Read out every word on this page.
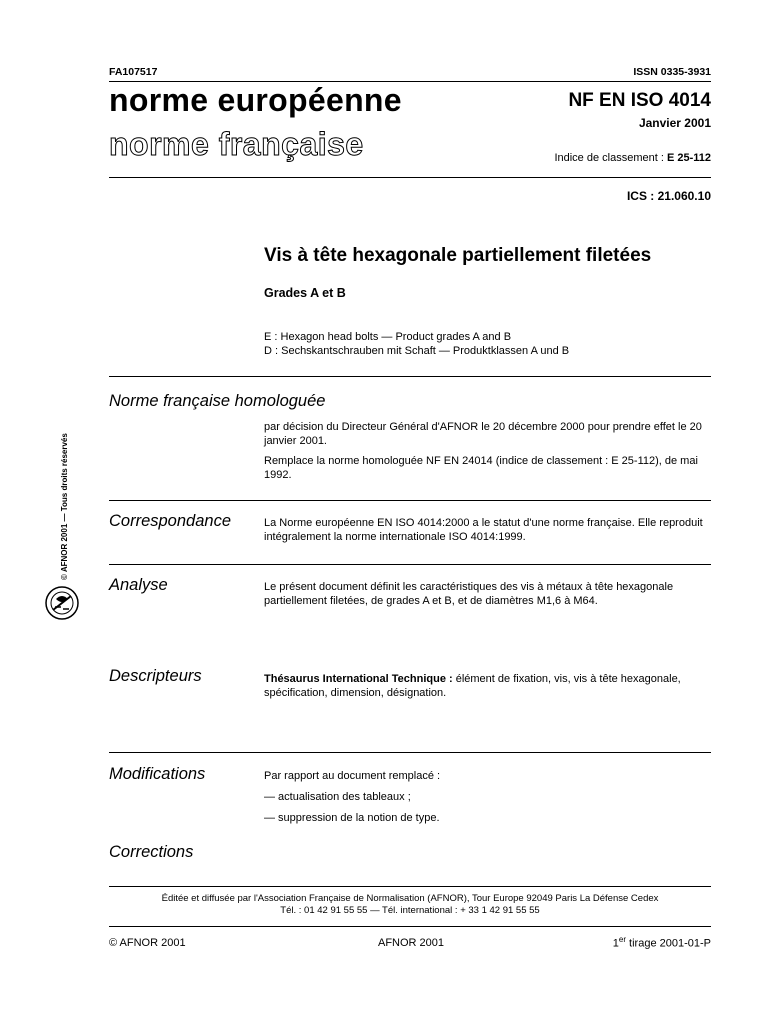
FA107517	ISSN 0335-3931
norme européenne
norme française
NF EN ISO 4014
Janvier 2001
Indice de classement : E 25-112
ICS : 21.060.10
Vis à tête hexagonale partiellement filetées
Grades A et B
E : Hexagon head bolts — Product grades A and B
D : Sechskantschrauben mit Schaft — Produktklassen A und B
© AFNOR 2001 — Tous droits réservés
Norme française homologuée
par décision du Directeur Général d'AFNOR le 20 décembre 2000 pour prendre effet le 20 janvier 2001.
Remplace la norme homologuée NF EN 24014 (indice de classement : E 25-112), de mai 1992.
Correspondance	La Norme européenne EN ISO 4014:2000 a le statut d'une norme française. Elle reproduit intégralement la norme internationale ISO 4014:1999.
Analyse	Le présent document définit les caractéristiques des vis à métaux à tête hexagonale partiellement filetées, de grades A et B, et de diamètres M1,6 à M64.
Descripteurs	Thésaurus International Technique : élément de fixation, vis, vis à tête hexagonale, spécification, dimension, désignation.
Modifications	Par rapport au document remplacé :
— actualisation des tableaux ;
— suppression de la notion de type.
Corrections
Éditée et diffusée par l'Association Française de Normalisation (AFNOR), Tour Europe 92049 Paris La Défense Cedex
Tél. : 01 42 91 55 55 — Tél. international : + 33 1 42 91 55 55
© AFNOR 2001	AFNOR 2001	1er tirage 2001-01-P
